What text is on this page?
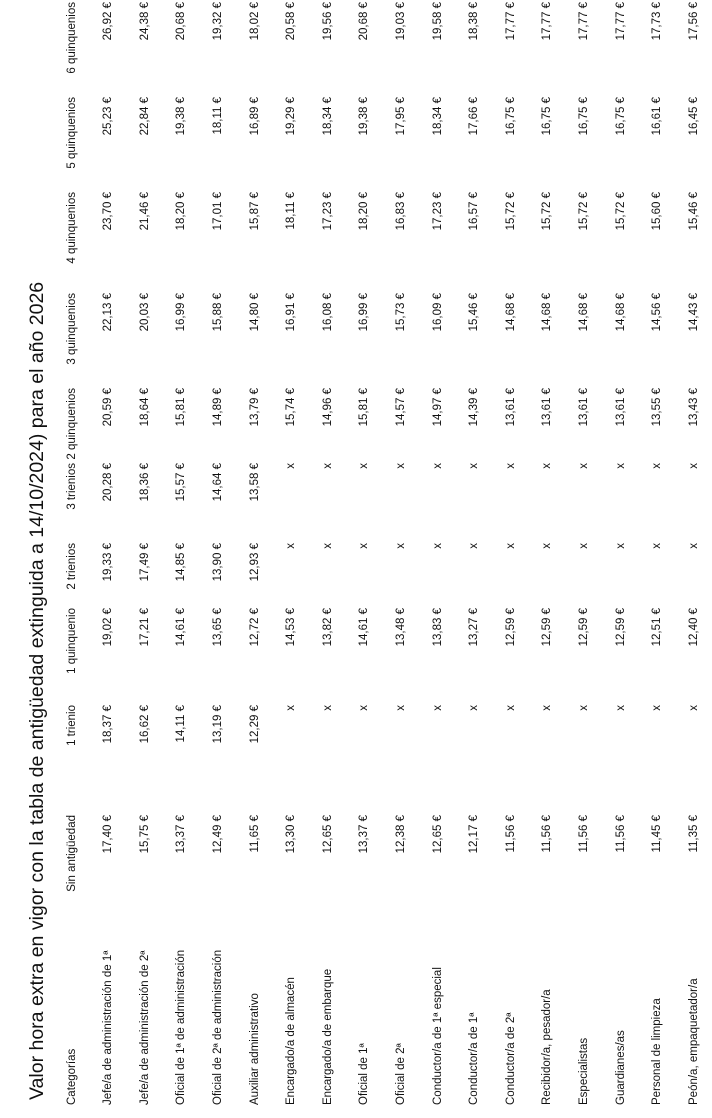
Valor hora extra en vigor con la tabla de antigüedad extinguida a 14/10/2024) para el año 2026 Categorías	Sin antigüedad	1 trienio	1 quinquenio	2 trienios	3 trienios	2 quinquenios	3 quinquenios	4 quinquenios	5 quinquenios	6 quinquenios
Jefe/a de administración de 1ª	17,40 €	18,37 €	19,02 €	19,33 €	20,28 €	20,59 €	22,13 €	23,70 €	25,23 €	26,92 €
Jefe/a de administración de 2ª	15,75 €	16,62 €	17,21 €	17,49 €	18,36 €	18,64 €	20,03 €	21,46 €	22,84 €	24,38 €
Oficial de 1ª de administración	13,37 €	14,11 €	14,61 €	14,85 €	15,57 €	15,81 €	16,99 €	18,20 €	19,38 €	20,68 €
Oficial de 2ª de administración	12,49 €	13,19 €	13,65 €	13,90 €	14,64 €	14,89 €	15,88 €	17,01 €	18,11 €	19,32 €
Auxiliar administrativo	11,65 €	12,29 €	12,72 €	12,93 €	13,58 €	13,79 €	14,80 €	15,87 €	16,89 €	18,02 €
Encargado/a de almacén	13,30 €	x	14,53 €	x	x	15,74 €	16,91 €	18,11 €	19,29 €	20,58 €
Encargado/a de embarque	12,65 €	x	13,82 €	x	x	14,96 €	16,08 €	17,23 €	18,34 €	19,56 €
Oficial de 1ª	13,37 €	x	14,61 €	x	x	15,81 €	16,99 €	18,20 €	19,38 €	20,68 €
Oficial de 2ª	12,38 €	x	13,48 €	x	x	14,57 €	15,73 €	16,83 €	17,95 €	19,03 €
Conductor/a de 1ª especial	12,65 €	x	13,83 €	x	x	14,97 €	16,09 €	17,23 €	18,34 €	19,58 €
Conductor/a de 1ª	12,17 €	x	13,27 €	x	x	14,39 €	15,46 €	16,57 €	17,66 €	18,38 €
Conductor/a de 2ª	11,56 €	x	12,59 €	x	x	13,61 €	14,68 €	15,72 €	16,75 €	17,77 €
Recibidor/a, pesador/a	11,56 €	x	12,59 €	x	x	13,61 €	14,68 €	15,72 €	16,75 €	17,77 €
Especialistas	11,56 €	x	12,59 €	x	x	13,61 €	14,68 €	15,72 €	16,75 €	17,77 €
Guardianes/as	11,56 €	x	12,59 €	x	x	13,61 €	14,68 €	15,72 €	16,75 €	17,77 €
Personal de limpieza	11,45 €	x	12,51 €	x	x	13,55 €	14,56 €	15,60 €	16,61 €	17,73 €
Peón/a, empaquetador/a	11,35 €	x	12,40 €	x	x	13,43 €	14,43 €	15,46 €	16,45 €	17,56 €
